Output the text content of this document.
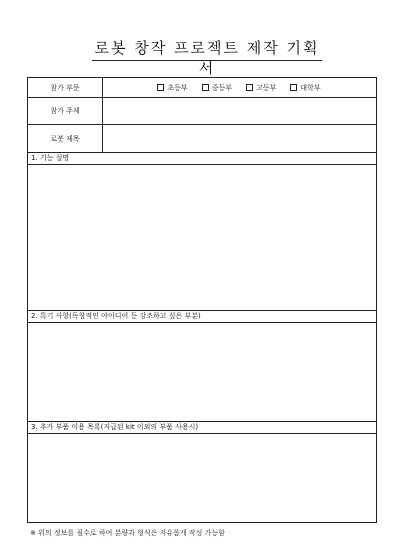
로봇 창작 프로젝트 제작 기획서
참가 부문	초등부	중등부	고등부	대학부
참가 주제
로봇 제목
1. 기능 설명
2. 특기 사항(독창적인 아이디어 등 강조하고 싶은 부분)
3. 추가 부품 이용 목록(지급된 kit 이외의 부품 사용시)
※ 위의 정보를 필수로 하여 분량과 형식은 자유롭게 작성 가능함
